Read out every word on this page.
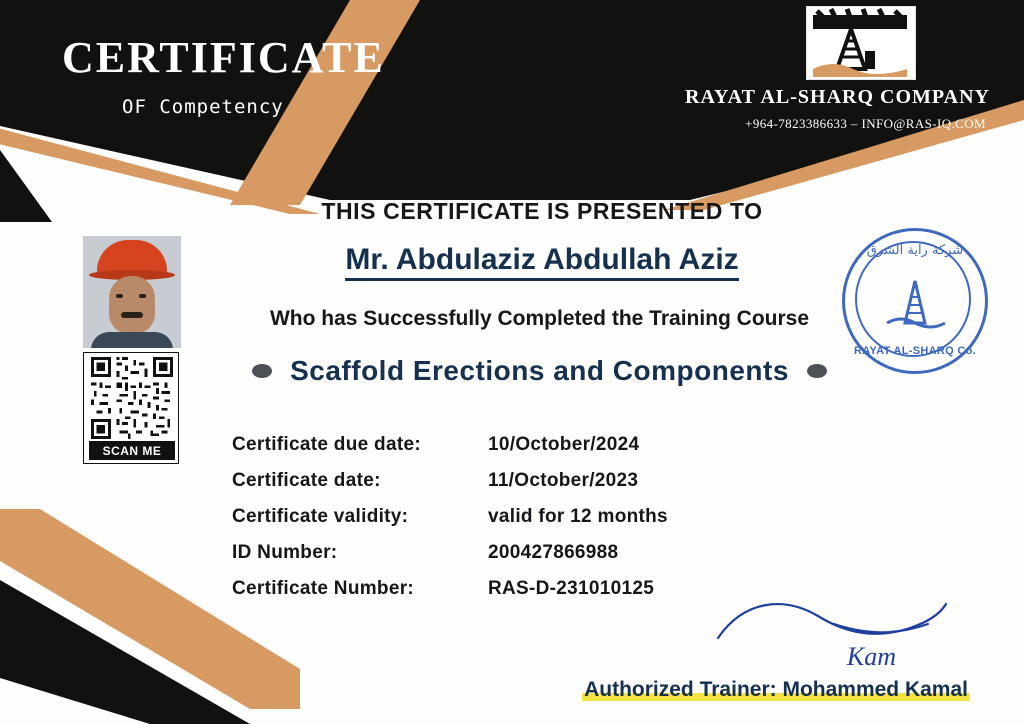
CERTIFICATE
OF Competency	RAYAT AL-SHARQ COMPANY
+964-7823386633 – INFO@RAS-IQ.COM
THIS CERTIFICATE IS PRESENTED TO
Mr. Abdulaziz Abdullah Aziz
Who has Successfully Completed the Training Course
Scaffold Erections and Components
Certificate due date:	10/October/2024
Certificate date:	11/October/2023
Certificate validity:	valid for 12 months
ID Number:	200427866988
Certificate Number:	RAS-D-231010125
SCAN ME
شركة راية الشرق
RAYAT AL-SHARQ Co.
Kam
Authorized Trainer: Mohammed Kamal
